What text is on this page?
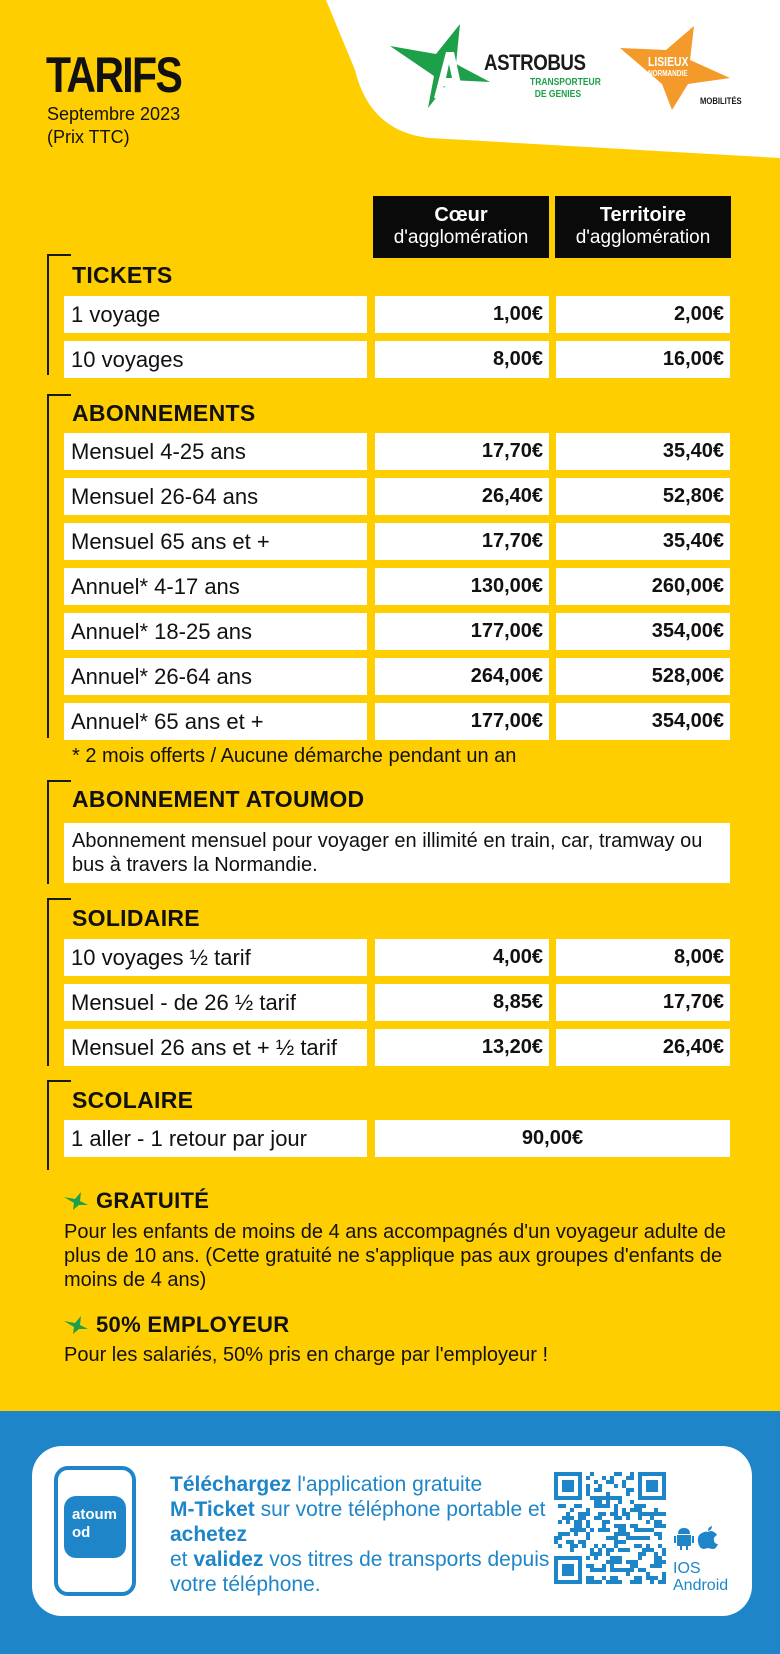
TARIFS
Septembre 2023
(Prix TTC)
ASTROBUS
TRANSPORTEUR
DE GENIES
LISIEUX
NORMANDIE
MOBILITÉS
Cœur
d'agglomération
Territoire
d'agglomération
TICKETS
1 voyage	1,00€	2,00€
10 voyages	8,00€	16,00€
ABONNEMENTS
Mensuel 4-25 ans	17,70€	35,40€
Mensuel 26-64 ans	26,40€	52,80€
Mensuel 65 ans et +	17,70€	35,40€
Annuel* 4-17 ans	130,00€	260,00€
Annuel* 18-25 ans	177,00€	354,00€
Annuel* 26-64 ans	264,00€	528,00€
Annuel* 65 ans et +	177,00€	354,00€
* 2 mois offerts / Aucune démarche pendant un an
ABONNEMENT ATOUMOD
Abonnement mensuel pour voyager en illimité en train, car, tramway ou bus à travers la Normandie.
SOLIDAIRE
10 voyages ½ tarif	4,00€	8,00€
Mensuel - de 26 ½ tarif	8,85€	17,70€
Mensuel 26 ans et + ½ tarif	13,20€	26,40€
SCOLAIRE
1 aller - 1 retour par jour	90,00€
GRATUITÉ
Pour les enfants de moins de 4 ans accompagnés d'un voyageur adulte de plus de 10 ans. (Cette gratuité ne s'applique pas aux groupes d'enfants de moins de 4 ans)
50% EMPLOYEUR
Pour les salariés, 50% pris en charge par l'employeur !
atoumod
Téléchargez l'application gratuite
M-Ticket sur votre téléphone portable et achetez
et validez vos titres de transports depuis votre téléphone.
IOS
Android
